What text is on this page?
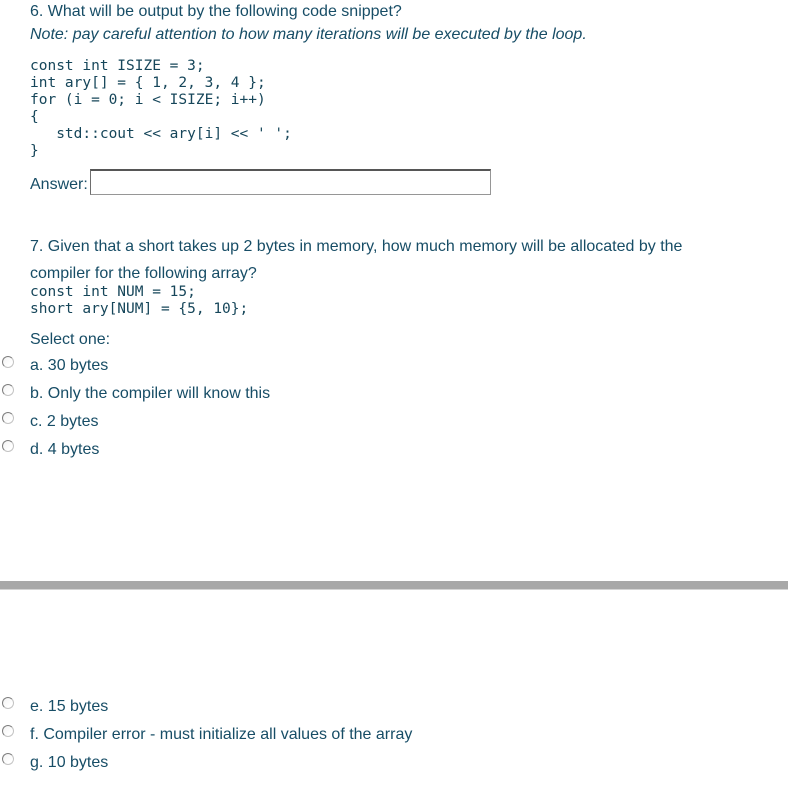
6. What will be output by the following code snippet?
Note: pay careful attention to how many iterations will be executed by the loop.
const int ISIZE = 3;
int ary[] = { 1, 2, 3, 4 };
for (i = 0; i < ISIZE; i++)
{
std::cout << ary[i] << ' ';
}
Answer:
7. Given that a short takes up 2 bytes in memory, how much memory will be allocated by the compiler for the following array?
const int NUM = 15;
short ary[NUM] = {5, 10};
Select one:
a. 30 bytes
b. Only the compiler will know this
c. 2 bytes
d. 4 bytes
e. 15 bytes
f. Compiler error - must initialize all values of the array
g. 10 bytes
